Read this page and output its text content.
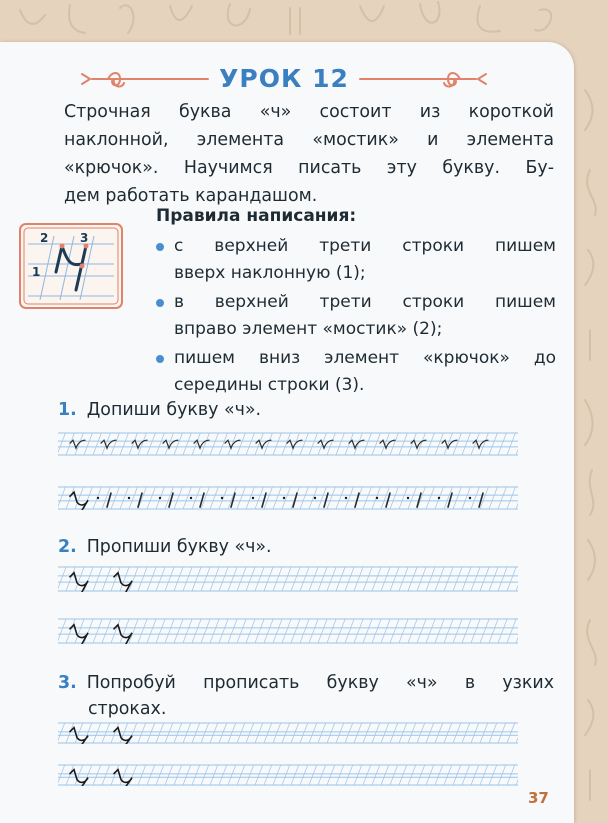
УРОК 12
Строчная буква «ч» состоит из короткой
наклонной, элемента «мостик» и элемента
«крючок». Научимся писать эту букву. Бу-
дем работать карандашом.
2	3
1
Правила написания:
с верхней трети строки пишем
вверх наклонную (1);
в верхней трети строки пишем
вправо элемент «мостик» (2);
пишем вниз элемент «крючок» до
середины строки (3).
1. Допиши букву «ч».
2. Пропиши букву «ч».
3. Попробуй прописать букву «ч» в узких
строках.
37
